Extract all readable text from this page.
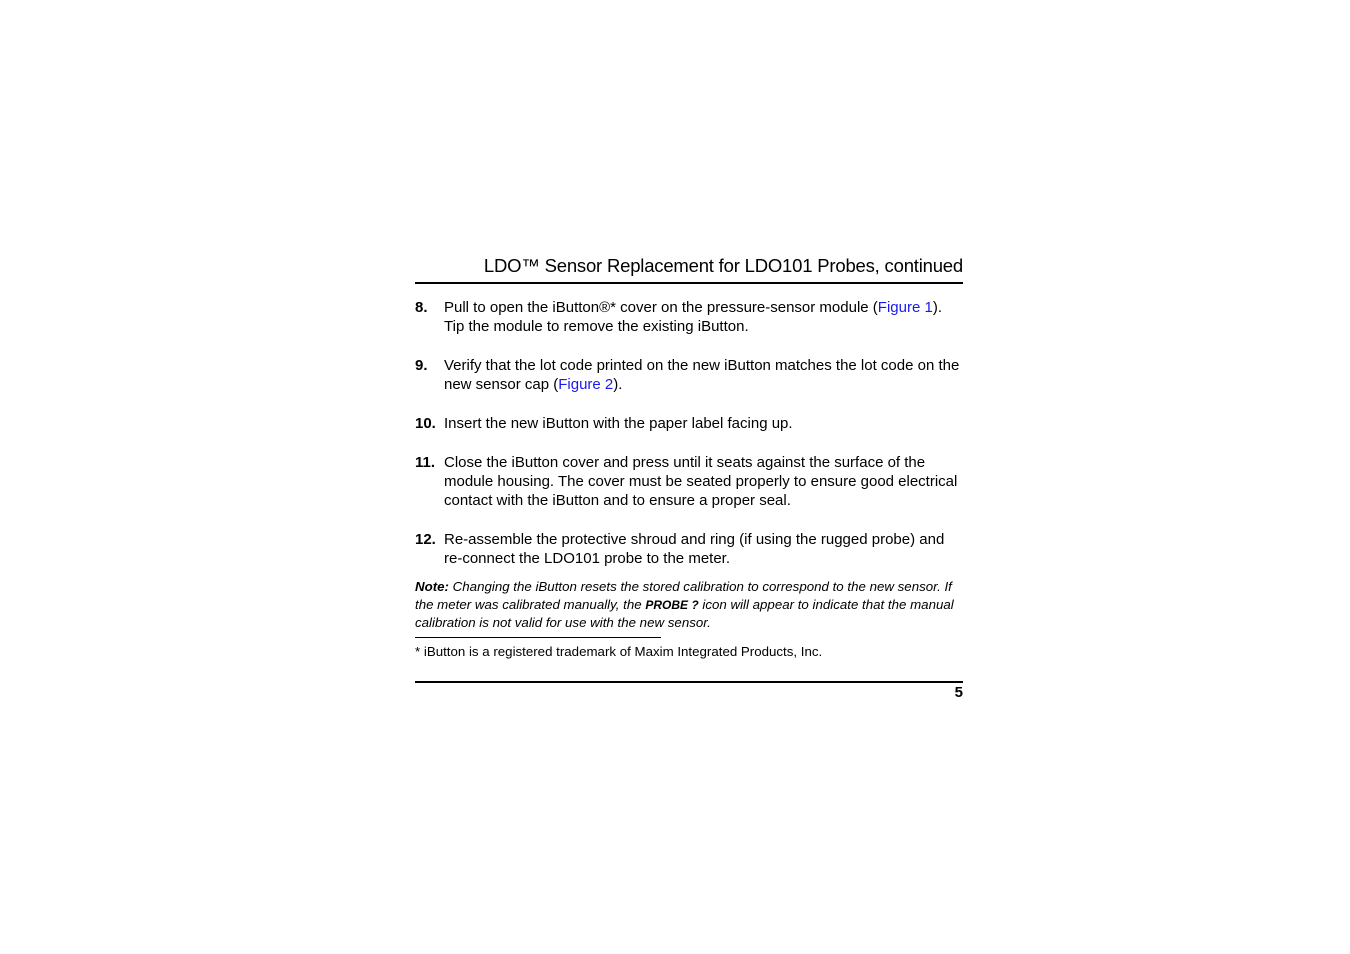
LDO™ Sensor Replacement for LDO101 Probes, continued
8.	Pull to open the iButton®* cover on the pressure-sensor module (Figure 1). Tip the module to remove the existing iButton.
9.	Verify that the lot code printed on the new iButton matches the lot code on the new sensor cap (Figure 2).
10. Insert the new iButton with the paper label facing up.
11. Close the iButton cover and press until it seats against the surface of the module housing. The cover must be seated properly to ensure good electrical contact with the iButton and to ensure a proper seal.
12. Re-assemble the protective shroud and ring (if using the rugged probe) and re-connect the LDO101 probe to the meter.
Note: Changing the iButton resets the stored calibration to correspond to the new sensor. If the meter was calibrated manually, the PROBE ? icon will appear to indicate that the manual calibration is not valid for use with the new sensor.
* iButton is a registered trademark of Maxim Integrated Products, Inc.
5
